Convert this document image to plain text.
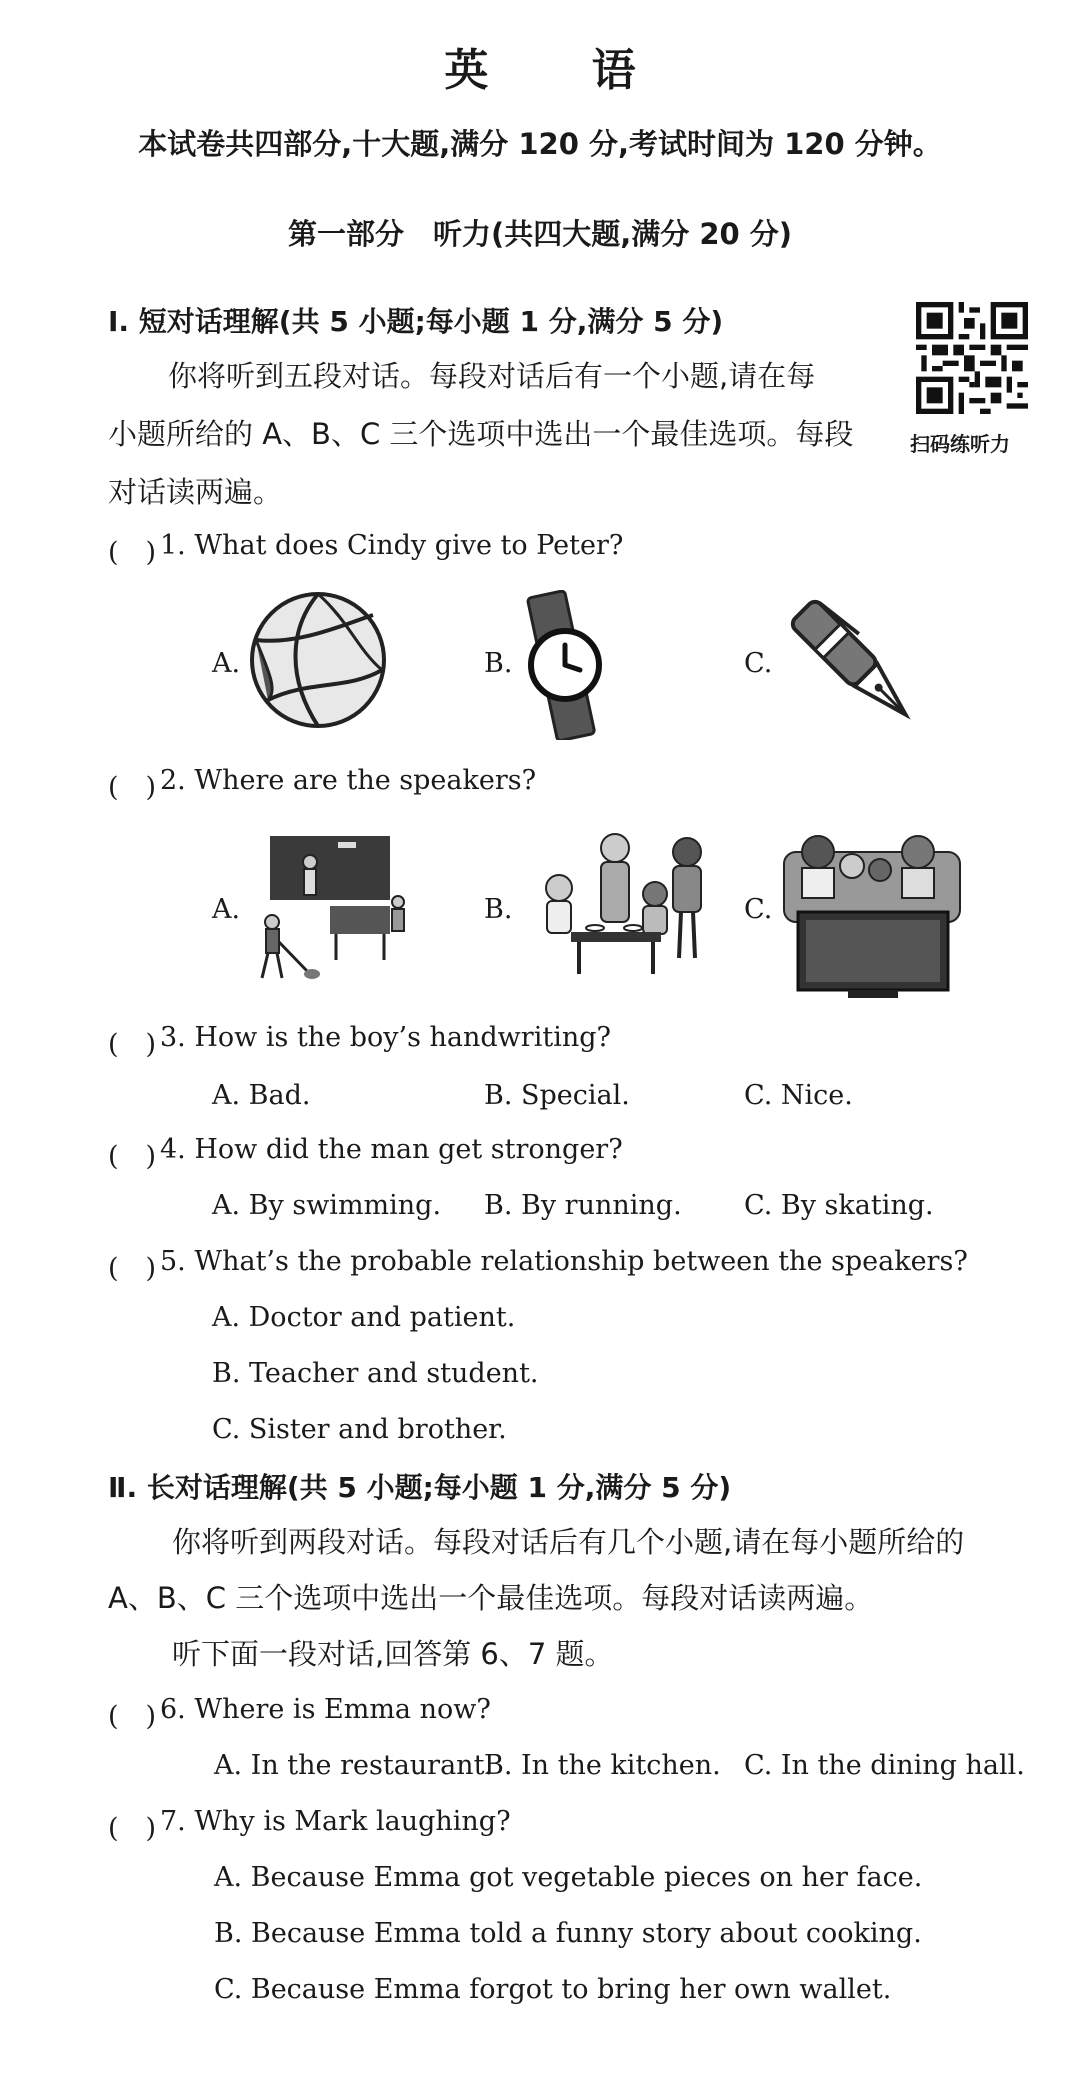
英 语
本试卷共四部分,十大题,满分 120 分,考试时间为 120 分钟。
第一部分　听力(共四大题,满分 20 分)
Ⅰ. 短对话理解(共 5 小题;每小题 1 分,满分 5 分)
你将听到五段对话。每段对话后有一个小题,请在每
小题所给的 A、B、C 三个选项中选出一个最佳选项。每段
对话读两遍。
扫码练听力
(　) 1. What does Cindy give to Peter?
A.	B.	C.
(　) 2. Where are the speakers?
A.	B.	C.
(　) 3. How is the boy’s handwriting?
A. Bad.	B. Special.	C. Nice.
(　) 4. How did the man get stronger?
A. By swimming. B. By running. C. By skating.
(　) 5. What’s the probable relationship between the speakers?
A. Doctor and patient.
B. Teacher and student.
C. Sister and brother.
Ⅱ. 长对话理解(共 5 小题;每小题 1 分,满分 5 分)
你将听到两段对话。每段对话后有几个小题,请在每小题所给的
A、B、C 三个选项中选出一个最佳选项。每段对话读两遍。
听下面一段对话,回答第 6、7 题。
(　) 6. Where is Emma now?
A. In the restaurant.
B. In the kitchen. C. In the dining hall.
(　) 7. Why is Mark laughing?
A. Because Emma got vegetable pieces on her face.
B. Because Emma told a funny story about cooking.
C. Because Emma forgot to bring her own wallet.
